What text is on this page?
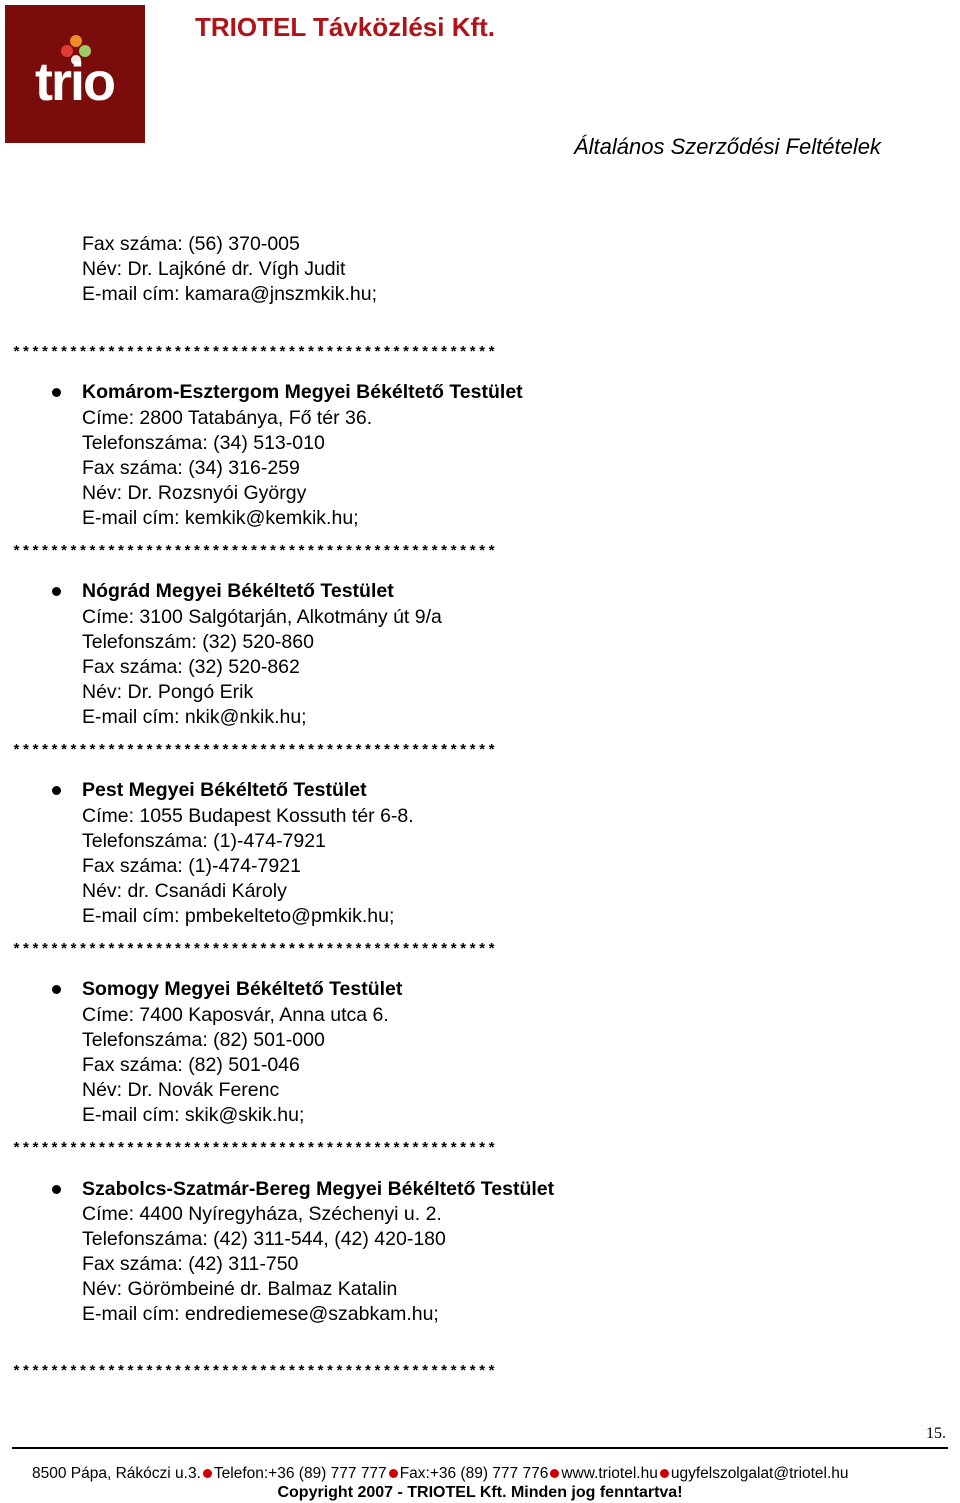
trio
TRIOTEL Távközlési Kft.
Általános Szerződési Feltételek
Fax száma: (56) 370-005
Név: Dr. Lajkóné dr. Vígh Judit
E-mail cím: kamara@jnszmkik.hu;
***************************************************
Komárom-Esztergom Megyei Békéltető Testület
Címe: 2800 Tatabánya, Fő tér 36.
Telefonszáma: (34) 513-010
Fax száma: (34) 316-259
Név: Dr. Rozsnyói György
E-mail cím: kemkik@kemkik.hu;
***************************************************
Nógrád Megyei Békéltető Testület
Címe: 3100 Salgótarján, Alkotmány út 9/a
Telefonszám: (32) 520-860
Fax száma: (32) 520-862
Név: Dr. Pongó Erik
E-mail cím: nkik@nkik.hu;
***************************************************
Pest Megyei Békéltető Testület
Címe: 1055 Budapest Kossuth tér 6-8.
Telefonszáma: (1)-474-7921
Fax száma: (1)-474-7921
Név: dr. Csanádi Károly
E-mail cím: pmbekelteto@pmkik.hu;
***************************************************
Somogy Megyei Békéltető Testület
Címe: 7400 Kaposvár, Anna utca 6.
Telefonszáma: (82) 501-000
Fax száma: (82) 501-046
Név: Dr. Novák Ferenc
E-mail cím: skik@skik.hu;
***************************************************
Szabolcs-Szatmár-Bereg Megyei Békéltető Testület
Címe: 4400 Nyíregyháza, Széchenyi u. 2.
Telefonszáma: (42) 311-544, (42) 420-180
Fax száma: (42) 311-750
Név: Görömbeiné dr. Balmaz Katalin
E-mail cím: endrediemese@szabkam.hu;
***************************************************
15.
8500 Pápa, Rákóczi u.3. Telefon:+36 (89) 777 777 Fax:+36 (89) 777 776 www.triotel.hu ugyfelszolgalat@triotel.hu
Copyright 2007 - TRIOTEL Kft. Minden jog fenntartva!
